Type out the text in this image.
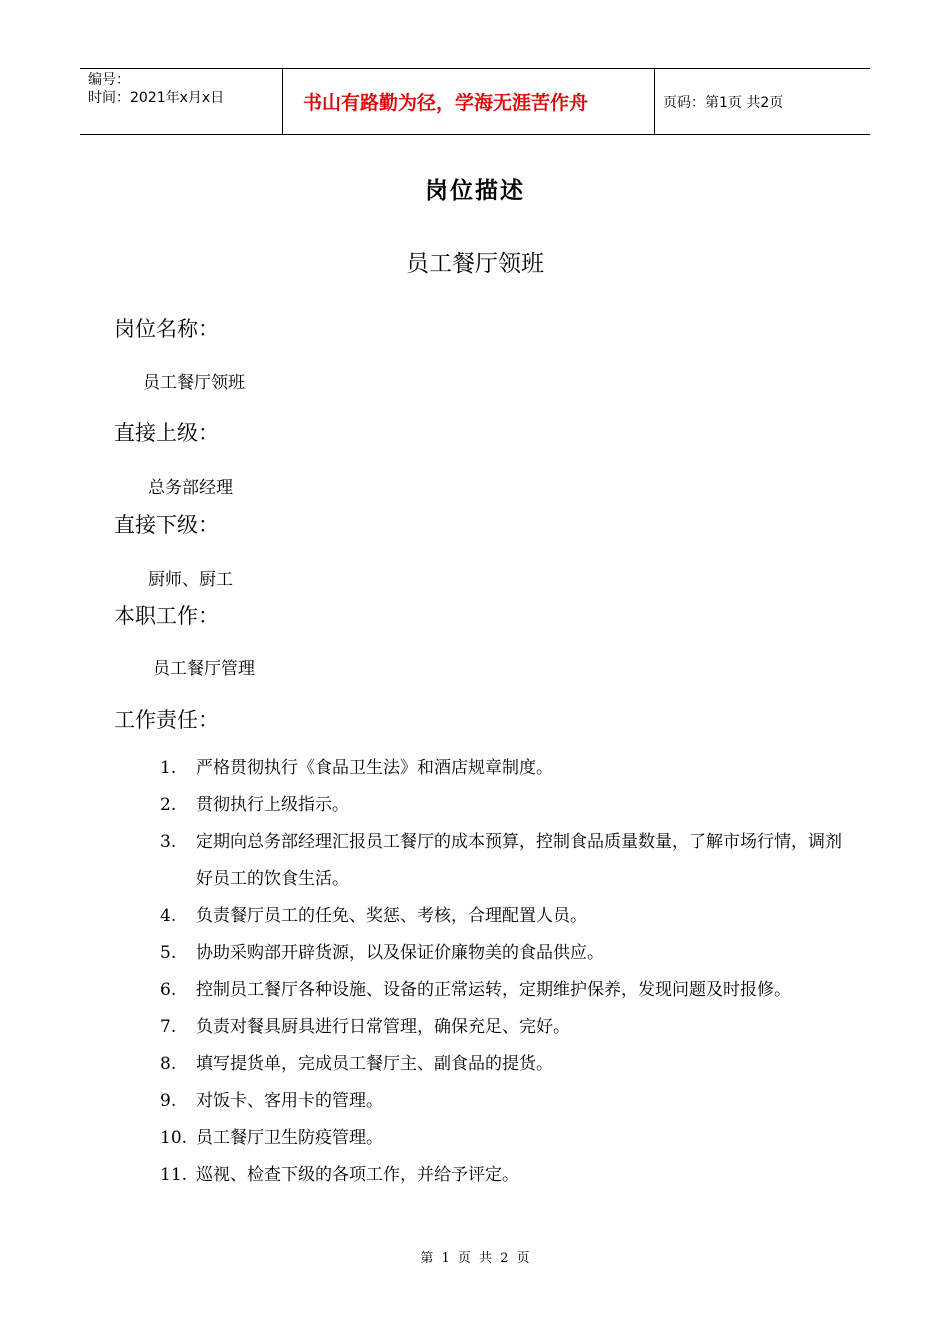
编号：
时间：2021年x月x日	书山有路勤为径，学海无涯苦作舟	页码：第1页 共2页
岗位描述
员工餐厅领班
岗位名称：
员工餐厅领班
直接上级：
总务部经理
直接下级：
厨师、厨工
本职工作：
员工餐厅管理
工作责任：
1.	严格贯彻执行《食品卫生法》和酒店规章制度。
2.	贯彻执行上级指示。
3.	定期向总务部经理汇报员工餐厅的成本预算，控制食品质量数量，了解市场行情，调剂好员工的饮食生活。
4.	负责餐厅员工的任免、奖惩、考核，合理配置人员。
5.	协助采购部开辟货源，以及保证价廉物美的食品供应。
6.	控制员工餐厅各种设施、设备的正常运转，定期维护保养，发现问题及时报修。
7.	负责对餐具厨具进行日常管理，确保充足、完好。
8.	填写提货单，完成员工餐厅主、副食品的提货。
9.	对饭卡、客用卡的管理。
10. 员工餐厅卫生防疫管理。
11. 巡视、检查下级的各项工作，并给予评定。
第 1 页 共 2 页
